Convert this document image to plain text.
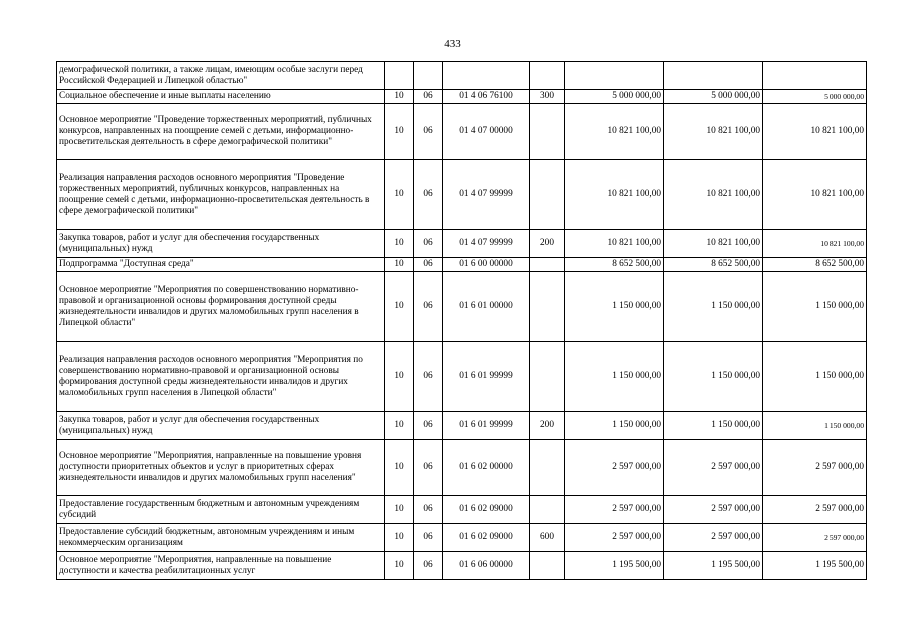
433
демографической политики, а также лицам, имеющим особые заслуги перед Российской Федерацией и Липецкой областью"							
Социальное обеспечение и иные выплаты населению	10	06	01 4 06 76100	300	5 000 000,00	5 000 000,00	5 000 000,00
Основное мероприятие "Проведение торжественных мероприятий, публичных конкурсов, направленных на поощрение семей с детьми, информационно-просветительская деятельность в сфере демографической политики"	10	06	01 4 07 00000		10 821 100,00	10 821 100,00	10 821 100,00
Реализация направления расходов основного мероприятия "Проведение торжественных мероприятий, публичных конкурсов, направленных на поощрение семей с детьми, информационно-просветительская деятельность в сфере демографической политики"	10	06	01 4 07 99999		10 821 100,00	10 821 100,00	10 821 100,00
Закупка товаров, работ и услуг для обеспечения государственных (муниципальных) нужд	10	06	01 4 07 99999	200	10 821 100,00	10 821 100,00	10 821 100,00
Подпрограмма "Доступная среда"	10	06	01 6 00 00000		8 652 500,00	8 652 500,00	8 652 500,00
Основное мероприятие "Мероприятия по совершенствованию нормативно-правовой и организационной основы формирования доступной среды жизнедеятельности инвалидов и других маломобильных групп населения в Липецкой области"	10	06	01 6 01 00000		1 150 000,00	1 150 000,00	1 150 000,00
Реализация направления расходов основного мероприятия "Мероприятия по совершенствованию нормативно-правовой и организационной основы формирования доступной среды жизнедеятельности инвалидов и других маломобильных групп населения в Липецкой области"	10	06	01 6 01 99999		1 150 000,00	1 150 000,00	1 150 000,00
Закупка товаров, работ и услуг для обеспечения государственных (муниципальных) нужд	10	06	01 6 01 99999	200	1 150 000,00	1 150 000,00	1 150 000,00
Основное мероприятие "Мероприятия, направленные на повышение уровня доступности приоритетных объектов и услуг в приоритетных сферах жизнедеятельности инвалидов и других маломобильных групп населения"	10	06	01 6 02 00000		2 597 000,00	2 597 000,00	2 597 000,00
Предоставление государственным бюджетным и автономным учреждениям субсидий	10	06	01 6 02 09000		2 597 000,00	2 597 000,00	2 597 000,00
Предоставление субсидий бюджетным, автономным учреждениям и иным некоммерческим организациям	10	06	01 6 02 09000	600	2 597 000,00	2 597 000,00	2 597 000,00
Основное мероприятие "Мероприятия, направленные на повышение доступности и качества реабилитационных услуг	10	06	01 6 06 00000		1 195 500,00	1 195 500,00	1 195 500,00
